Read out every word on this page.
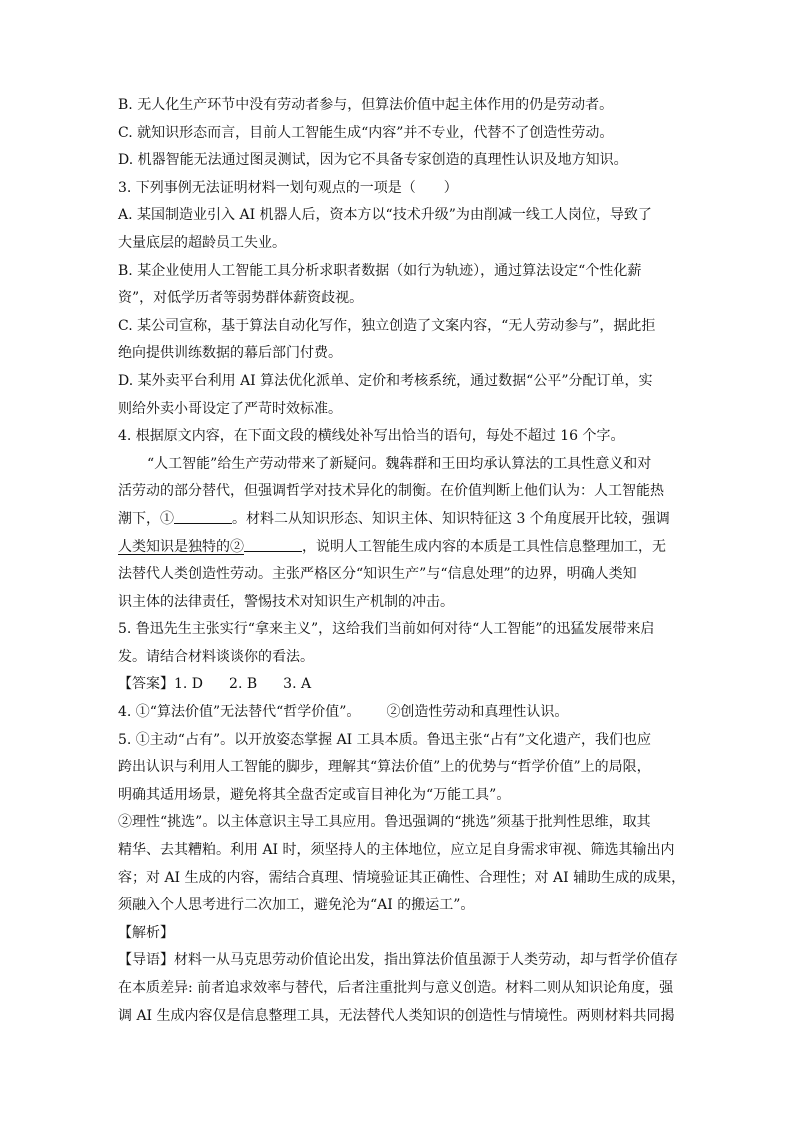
B. 无人化生产环节中没有劳动者参与，但算法价值中起主体作用的仍是劳动者。
C. 就知识形态而言，目前人工智能生成“内容”并不专业，代替不了创造性劳动。
D. 机器智能无法通过图灵测试，因为它不具备专家创造的真理性认识及地方知识。
3. 下列事例无法证明材料一划句观点的一项是（　　）
A. 某国制造业引入 AI 机器人后，资本方以“技术升级”为由削减一线工人岗位，导致了
大量底层的超龄员工失业。
B. 某企业使用人工智能工具分析求职者数据（如行为轨迹），通过算法设定“个性化薪
资”，对低学历者等弱势群体薪资歧视。
C. 某公司宣称，基于算法自动化写作，独立创造了文案内容，“无人劳动参与”，据此拒
绝向提供训练数据的幕后部门付费。
D. 某外卖平台利用 AI 算法优化派单、定价和考核系统，通过数据“公平”分配订单，实
则给外卖小哥设定了严苛时效标准。
4. 根据原文内容，在下面文段的横线处补写出恰当的语句，每处不超过 16 个字。
“人工智能”给生产劳动带来了新疑问。魏犇群和王田均承认算法的工具性意义和对
活劳动的部分替代，但强调哲学对技术异化的制衡。在价值判断上他们认为：人工智能热
潮下，①	。材料二从知识形态、知识主体、知识特征这 3 个角度展开比较，强调
人类知识是独特的②	，说明人工智能生成内容的本质是工具性信息整理加工，无
法替代人类创造性劳动。主张严格区分“知识生产”与“信息处理”的边界，明确人类知
识主体的法律责任，警惕技术对知识生产机制的冲击。
5. 鲁迅先生主张实行“拿来主义”，这给我们当前如何对待“人工智能”的迅猛发展带来启
发。请结合材料谈谈你的看法。
【答案】1. D 2. B 3. A
4. ①“算法价值”无法替代“哲学价值”。 ②创造性劳动和真理性认识。
5. ①主动“占有”。以开放姿态掌握 AI 工具本质。鲁迅主张“占有”文化遗产，我们也应
跨出认识与利用人工智能的脚步，理解其“算法价值”上的优势与“哲学价值”上的局限，
明确其适用场景，避免将其全盘否定或盲目神化为“万能工具”。
②理性“挑选”。以主体意识主导工具应用。鲁迅强调的“挑选”须基于批判性思维，取其
精华、去其糟粕。利用 AI 时，须坚持人的主体地位，应立足自身需求审视、筛选其输出内
容；对 AI 生成的内容，需结合真理、情境验证其正确性、合理性；对 AI 辅助生成的成果，
须融入个人思考进行二次加工，避免沦为“AI 的搬运工”。
【解析】
【导语】材料一从马克思劳动价值论出发，指出算法价值虽源于人类劳动，却与哲学价值存
在本质差异: 前者追求效率与替代，后者注重批判与意义创造。材料二则从知识论角度，强
调 AI 生成内容仅是信息整理工具，无法替代人类知识的创造性与情境性。两则材料共同揭
